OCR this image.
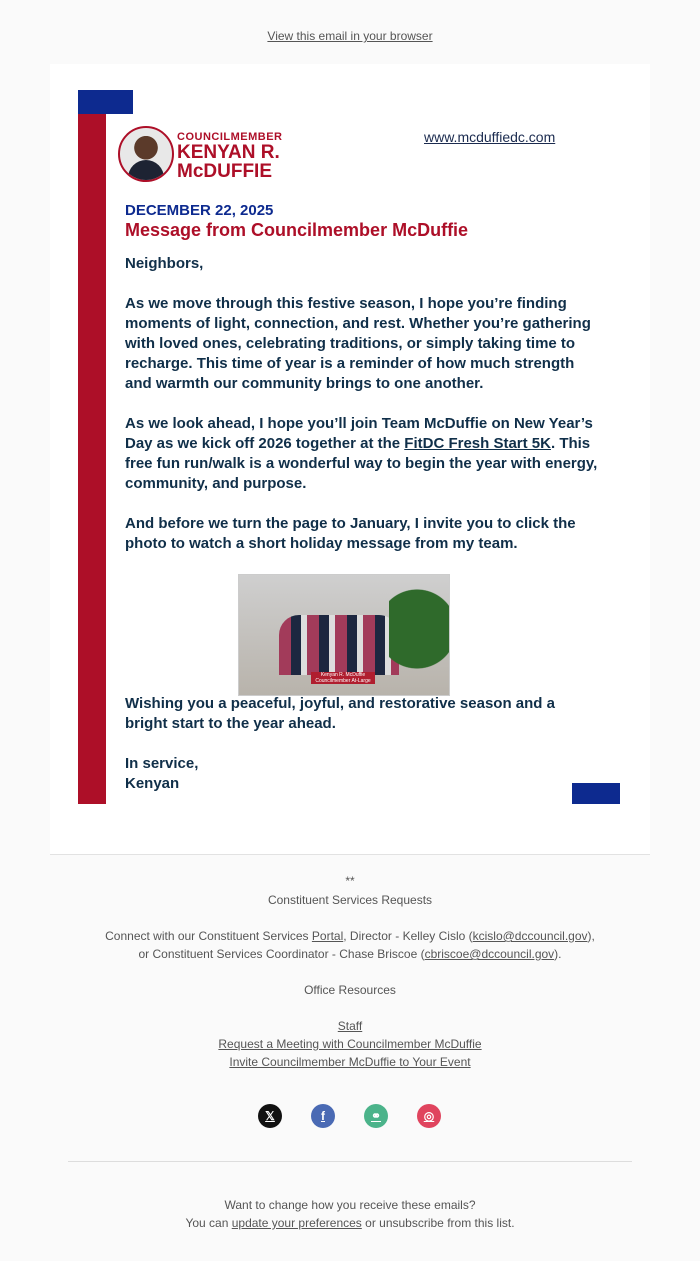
View this email in your browser
COUNCILMEMBER
KENYAN R.
McDUFFIE
www.mcduffiedc.com
DECEMBER 22, 2025
Message from Councilmember McDuffie

Neighbors,

As we move through this festive season, I hope you’re finding moments of light, connection, and rest. Whether you’re gathering with loved ones, celebrating traditions, or simply taking time to recharge. This time of year is a reminder of how much strength and warmth our community brings to one another.

As we look ahead, I hope you’ll join Team McDuffie on New Year’s Day as we kick off 2026 together at the FitDC Fresh Start 5K. This free fun run/walk is a wonderful way to begin the year with energy, community, and purpose.

And before we turn the page to January, I invite you to click the photo to watch a short holiday message from my team.

Kenyan R. McDuffie
Councilmember At-Large

Wishing you a peaceful, joyful, and restorative season and a bright start to the year ahead.

In service,
Kenyan

**
Constituent Services Requests
Connect with our Constituent Services Portal, Director - Kelley Cislo (kcislo@dccouncil.gov),
or Constituent Services Coordinator - Chase Briscoe (cbriscoe@dccouncil.gov).
Office Resources
Staff
Request a Meeting with Councilmember McDuffie
Invite Councilmember McDuffie to Your Event
𝕏	f	⚭	◎
Want to change how you receive these emails?
You can update your preferences or unsubscribe from this list.
